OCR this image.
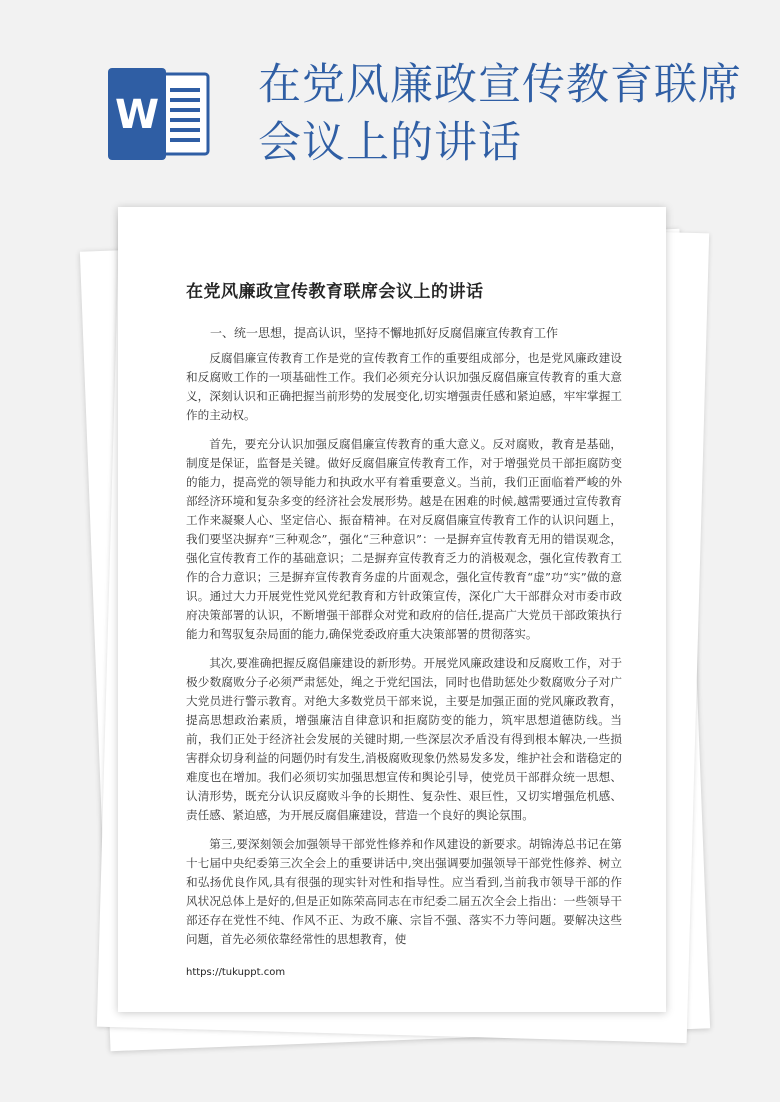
W
在党风廉政宣传教育联席会议上的讲话
在党风廉政宣传教育联席会议上的讲话

一、统一思想，提高认识，坚持不懈地抓好反腐倡廉宣传教育工作

反腐倡廉宣传教育工作是党的宣传教育工作的重要组成部分，也是党风廉政建设和反腐败工作的一项基础性工作。我们必须充分认识加强反腐倡廉宣传教育的重大意义，深刻认识和正确把握当前形势的发展变化,切实增强责任感和紧迫感，牢牢掌握工作的主动权。

首先，要充分认识加强反腐倡廉宣传教育的重大意义。反对腐败，教育是基础，制度是保证，监督是关键。做好反腐倡廉宣传教育工作，对于增强党员干部拒腐防变的能力，提高党的领导能力和执政水平有着重要意义。当前，我们正面临着严峻的外部经济环境和复杂多变的经济社会发展形势。越是在困难的时候,越需要通过宣传教育工作来凝聚人心、坚定信心、振奋精神。在对反腐倡廉宣传教育工作的认识问题上，我们要坚决摒弃“三种观念”，强化“三种意识”：一是摒弃宣传教育无用的错误观念，强化宣传教育工作的基础意识；二是摒弃宣传教育乏力的消极观念，强化宣传教育工作的合力意识；三是摒弃宣传教育务虚的片面观念，强化宣传教育“虚”功“实”做的意识。通过大力开展党性党风党纪教育和方针政策宣传，深化广大干部群众对市委市政府决策部署的认识，不断增强干部群众对党和政府的信任,提高广大党员干部政策执行能力和驾驭复杂局面的能力,确保党委政府重大决策部署的贯彻落实。

其次,要准确把握反腐倡廉建设的新形势。开展党风廉政建设和反腐败工作，对于极少数腐败分子必须严肃惩处，绳之于党纪国法，同时也借助惩处少数腐败分子对广大党员进行警示教育。对绝大多数党员干部来说，主要是加强正面的党风廉政教育，提高思想政治素质，增强廉洁自律意识和拒腐防变的能力，筑牢思想道德防线。当前，我们正处于经济社会发展的关键时期,一些深层次矛盾没有得到根本解决,一些损害群众切身利益的问题仍时有发生,消极腐败现象仍然易发多发，维护社会和谐稳定的难度也在增加。我们必须切实加强思想宣传和舆论引导，使党员干部群众统一思想、认清形势，既充分认识反腐败斗争的长期性、复杂性、艰巨性，又切实增强危机感、责任感、紧迫感，为开展反腐倡廉建设，营造一个良好的舆论氛围。

第三,要深刻领会加强领导干部党性修养和作风建设的新要求。胡锦涛总书记在第十七届中央纪委第三次全会上的重要讲话中,突出强调要加强领导干部党性修养、树立和弘扬优良作风,具有很强的现实针对性和指导性。应当看到,当前我市领导干部的作风状况总体上是好的,但是正如陈荣高同志在市纪委二届五次全会上指出：一些领导干部还存在党性不纯、作风不正、为政不廉、宗旨不强、落实不力等问题。要解决这些问题，首先必须依靠经常性的思想教育，使

https://tukuppt.com
